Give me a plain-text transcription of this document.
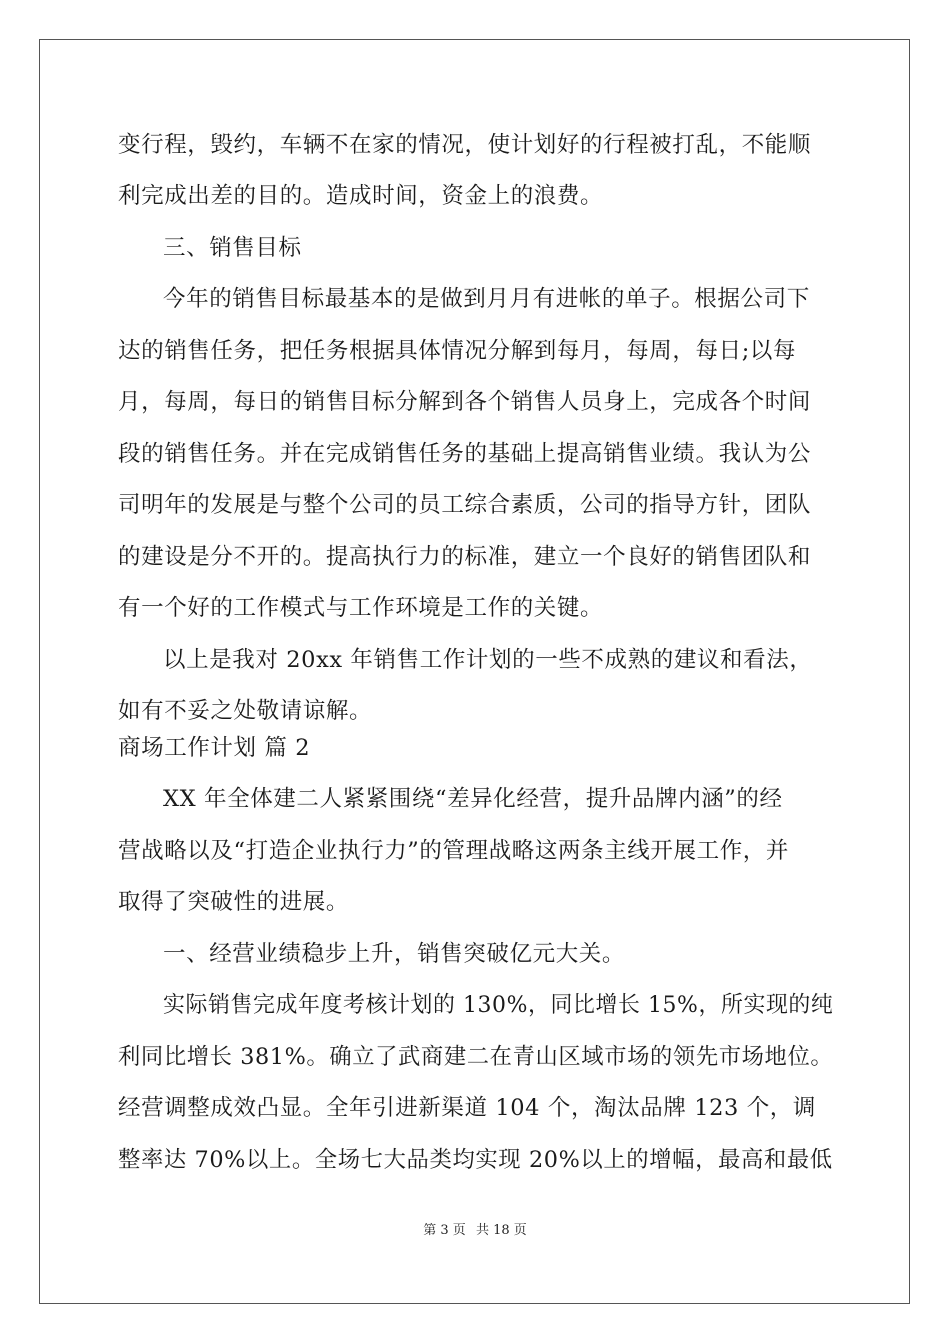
变行程，毁约，车辆不在家的情况，使计划好的行程被打乱，不能顺
利完成出差的目的。造成时间，资金上的浪费。
三、销售目标
今年的销售目标最基本的是做到月月有进帐的单子。根据公司下
达的销售任务，把任务根据具体情况分解到每月，每周，每日;以每
月，每周，每日的销售目标分解到各个销售人员身上，完成各个时间
段的销售任务。并在完成销售任务的基础上提高销售业绩。我认为公
司明年的发展是与整个公司的员工综合素质，公司的指导方针，团队
的建设是分不开的。提高执行力的标准，建立一个良好的销售团队和
有一个好的工作模式与工作环境是工作的关键。
以上是我对 20xx 年销售工作计划的一些不成熟的建议和看法，
如有不妥之处敬请谅解。
商场工作计划 篇 2
XX 年全体建二人紧紧围绕“差异化经营，提升品牌内涵”的经
营战略以及“打造企业执行力”的管理战略这两条主线开展工作，并
取得了突破性的进展。
一、经营业绩稳步上升，销售突破亿元大关。
实际销售完成年度考核计划的 130%，同比增长 15%，所实现的纯
利同比增长 381%。确立了武商建二在青山区域市场的领先市场地位。
经营调整成效凸显。全年引进新渠道 104 个，淘汰品牌 123 个，调
整率达 70%以上。全场七大品类均实现 20%以上的增幅，最高和最低
第 3 页 共 18 页
